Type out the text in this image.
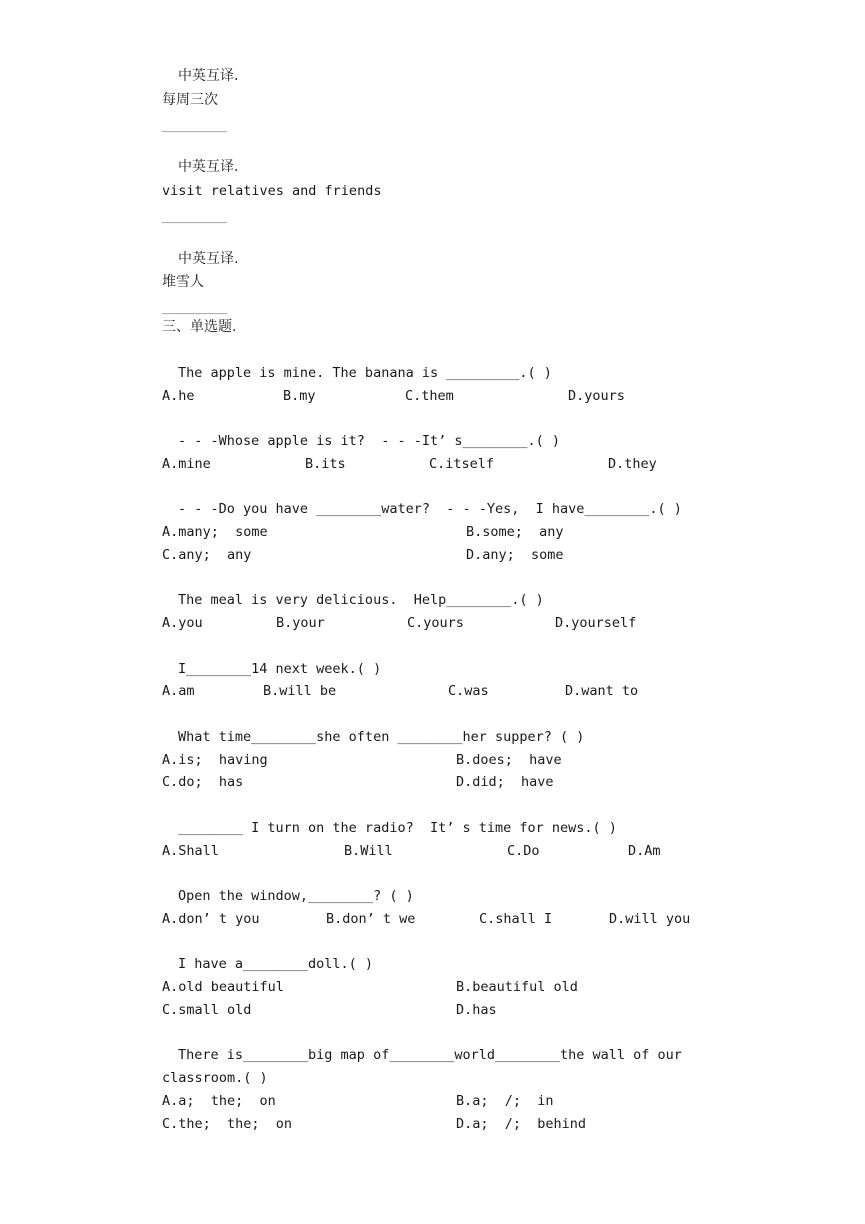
中英互译.
每周三次
________
中英互译.
visit relatives and friends
________
中英互译.
堆雪人
________
三、单选题.
The apple is mine. The banana is _________.( )
A.he	B.my	C.them	D.yours
- - -Whose apple is it?  - - -It’ s________.( )
A.mine	B.its	C.itself	D.they
- - -Do you have ________water?  - - -Yes,  I have________.( )
A.many;  some	B.some;  any
C.any;  any	D.any;  some
The meal is very delicious.  Help________.( )
A.you	B.your	C.yours	D.yourself
I________14 next week.( )
A.am	B.will be	C.was	D.want to
What time________she often ________her supper? ( )
A.is;  having	B.does;  have
C.do;  has	D.did;  have
________ I turn on the radio?  It’ s time for news.( )
A.Shall	B.Will	C.Do	D.Am
Open the window,________? ( )
A.don’ t you	B.don’ t we	C.shall I	D.will you
I have a________doll.( )
A.old beautiful	B.beautiful old
C.small old	D.has
There is________big map of________world________the wall of our
classroom.( )
A.a;  the;  on	B.a;  /;  in
C.the;  the;  on	D.a;  /;  behind
